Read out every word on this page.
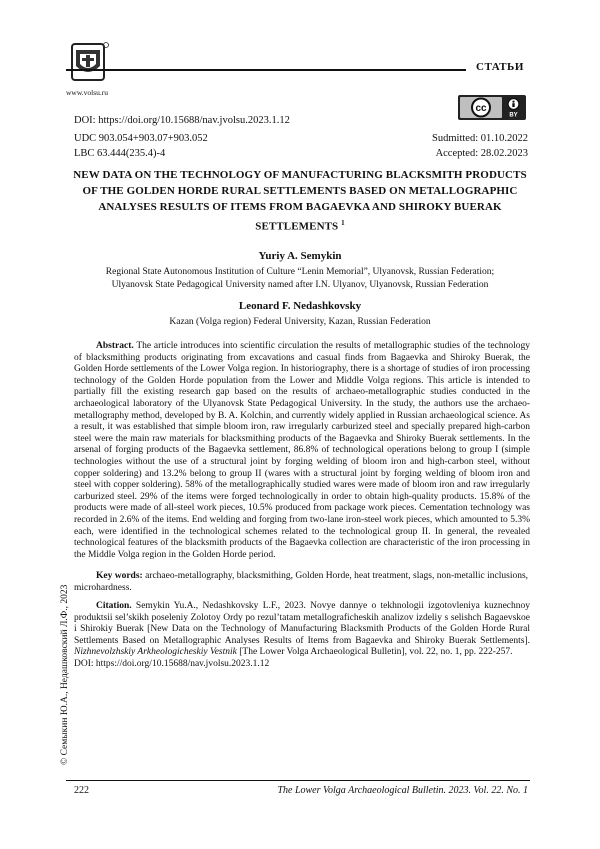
www.volsu.ru
СТАТЬИ
DOI: https://doi.org/10.15688/nav.jvolsu.2023.1.12
cc
BY
UDC 903.054+903.07+903.052
LBC 63.444(235.4)-4
Sudmitted: 01.10.2022
Accepted: 28.02.2023
NEW DATA ON THE TECHNOLOGY OF MANUFACTURING BLACKSMITH PRODUCTS OF THE GOLDEN HORDE RURAL SETTLEMENTS BASED ON METALLOGRAPHIC ANALYSES RESULTS OF ITEMS FROM BAGAEVKA AND SHIROKY BUERAK SETTLEMENTS $^1$
Yuriy A. Semykin
Regional State Autonomous Institution of Culture “Lenin Memorial”, Ulyanovsk, Russian Federation;
Ulyanovsk State Pedagogical University named after I.N. Ulyanov, Ulyanovsk, Russian Federation
Leonard F. Nedashkovsky
Kazan (Volga region) Federal University, Kazan, Russian Federation
Abstract. The article introduces into scientific circulation the results of metallographic studies of the technology of blacksmithing products originating from excavations and casual finds from Bagaevka and Shiroky Buerak, the Golden Horde settlements of the Lower Volga region. In historiography, there is a shortage of studies of iron processing technology of the Golden Horde population from the Lower and Middle Volga regions. This article is intended to partially fill the existing research gap based on the results of archaeo-metallographic studies conducted in the archaeological laboratory of the Ulyanovsk State Pedagogical University. In the study, the authors use the archaeo-metallography method, developed by B. A. Kolchin, and currently widely applied in Russian archaeological science. As a result, it was established that simple bloom iron, raw irregularly carburized steel and specially prepared high-carbon steel were the main raw materials for blacksmithing products of the Bagaevka and Shiroky Buerak settlements. In the arsenal of forging products of the Bagaevka settlement, 86.8% of technological operations belong to group I (simple technologies without the use of a structural joint by forging welding of bloom iron and high-carbon steel, without copper soldering) and 13.2% belong to group II (wares with a structural joint by forging welding of bloom iron and steel with copper soldering). 58% of the metallographically studied wares were made of bloom iron and raw irregularly carburized steel. 29% of the items were forged technologically in order to obtain high-quality products. 15.8% of the products were made of all-steel work pieces, 10.5% produced from package work pieces. Cementation technology was recorded in 2.6% of the items. End welding and forging from two-lane iron-steel work pieces, which amounted to 5.3% each, were identified in the technological schemes related to the technological group II. In general, the revealed technological features of the blacksmith products of the Bagaevka collection are characteristic of the iron processing in the Middle Volga region in the Golden Horde period.
Key words: archaeo-metallography, blacksmithing, Golden Horde, heat treatment, slags, non-metallic inclusions, microhardness.
Citation. Semykin Yu.A., Nedashkovsky L.F., 2023. Novye dannye o tekhnologii izgotovleniya kuznechnoy produktsii sel’skikh poseleniy Zolotoy Ordy po rezul’tatam metallograficheskih analizov izdeliy s selishch Bagaevskoe i Shirokiy Buerak [New Data on the Technology of Manufacturing Blacksmith Products of the Golden Horde Rural Settlements Based on Metallographic Analyses Results of Items from Bagaevka and Shiroky Buerak Settlements]. Nizhnevolzhskiy Arkheologicheskiy Vestnik [The Lower Volga Archaeological Bulletin], vol. 22, no. 1, pp. 222-257.
DOI: https://doi.org/10.15688/nav.jvolsu.2023.1.12
© Семыкин Ю.А., Недашковский Л.Ф., 2023
222	The Lower Volga Archaeological Bulletin. 2023. Vol. 22. No. 1
